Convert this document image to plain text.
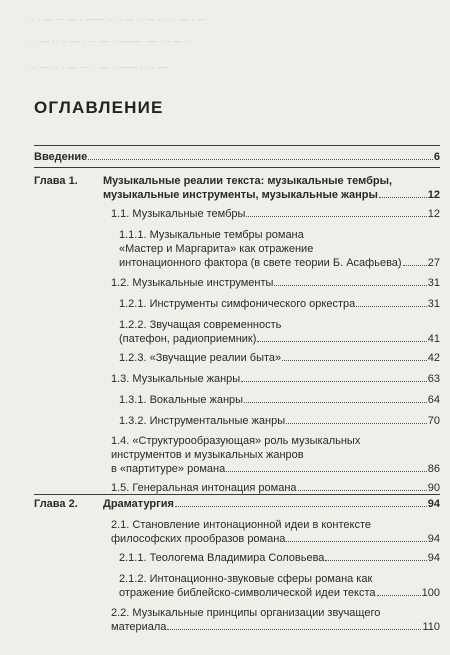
— · — ·· ··· — ·· — · ··· —— · — ··· — · ··
·· — ··· — · —— ·· — ··· · — ·· ·· — · ·
— ··· · —— · — ·· ··· — · ·· — ···
ОГЛАВЛЕНИЕ
Введение	6
Глава 1. Музыкальные реалии текста: музыкальные тембры,
музыкальные инструменты, музыкальные жанры	12
1.1. Музыкальные тембры	12
1.1.1. Музыкальные тембры романа
«Мастер и Маргарита» как отражение
интонационного фактора (в свете теории Б. Асафьева) 27
1.2. Музыкальные инструменты	31
1.2.1. Инструменты симфонического оркестра	31
1.2.2. Звучащая современность
(патефон, радиоприемник)	41
1.2.3. «Звучащие реалии быта»	42
1.3. Музыкальные жанры	63
1.3.1. Вокальные жанры	64
1.3.2. Инструментальные жанры	70
1.4. «Структурообразующая» роль музыкальных
инструментов и музыкальных жанров
в «партитуре» романа	86
1.5. Генеральная интонация романа	90
Глава 2. Драматургия	94
2.1. Становление интонационной идеи в контексте
философских прообразов романа	94
2.1.1. Теологема Владимира Соловьева	94
2.1.2. Интонационно-звуковые сферы романа как
отражение библейско-символической идеи текста	100
2.2. Музыкальные принципы организации звучащего
материала	110
